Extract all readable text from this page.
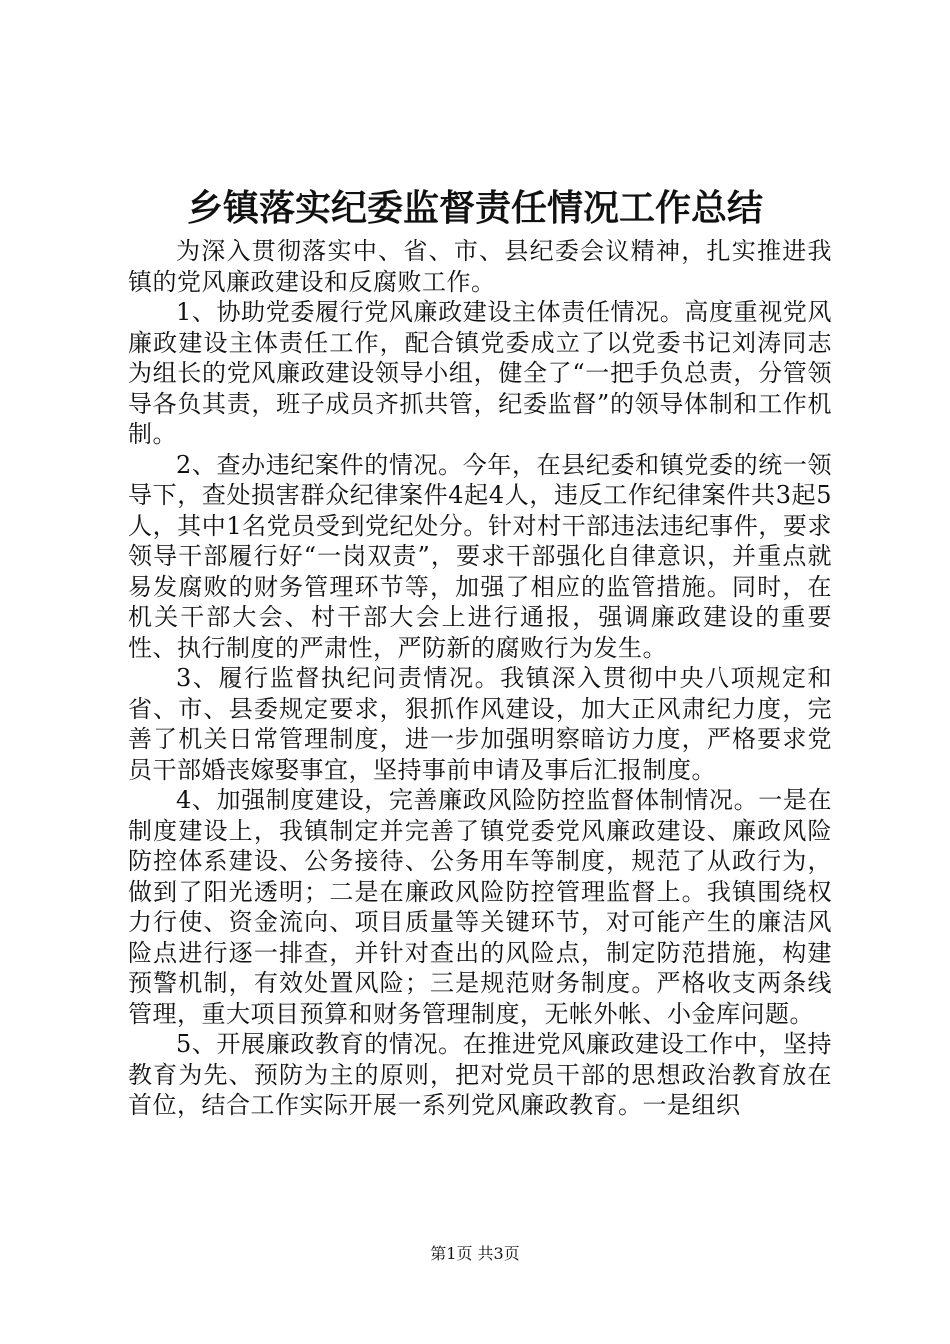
乡镇落实纪委监督责任情况工作总结

为深入贯彻落实中、省、市、县纪委会议精神，扎实推进我镇的党风廉政建设和反腐败工作。

1、协助党委履行党风廉政建设主体责任情况。高度重视党风廉政建设主体责任工作，配合镇党委成立了以党委书记刘涛同志为组长的党风廉政建设领导小组，健全了“一把手负总责，分管领导各负其责，班子成员齐抓共管，纪委监督”的领导体制和工作机制。

2、查办违纪案件的情况。今年，在县纪委和镇党委的统一领导下，查处损害群众纪律案件4起4人，违反工作纪律案件共3起5人，其中1名党员受到党纪处分。针对村干部违法违纪事件，要求领导干部履行好“一岗双责”，要求干部强化自律意识，并重点就易发腐败的财务管理环节等，加强了相应的监管措施。同时，在机关干部大会、村干部大会上进行通报，强调廉政建设的重要性、执行制度的严肃性，严防新的腐败行为发生。

3、履行监督执纪问责情况。我镇深入贯彻中央八项规定和省、市、县委规定要求，狠抓作风建设，加大正风肃纪力度，完善了机关日常管理制度，进一步加强明察暗访力度，严格要求党员干部婚丧嫁娶事宜，坚持事前申请及事后汇报制度。

4、加强制度建设，完善廉政风险防控监督体制情况。一是在制度建设上，我镇制定并完善了镇党委党风廉政建设、廉政风险防控体系建设、公务接待、公务用车等制度，规范了从政行为，做到了阳光透明；二是在廉政风险防控管理监督上。我镇围绕权力行使、资金流向、项目质量等关键环节，对可能产生的廉洁风险点进行逐一排查，并针对查出的风险点，制定防范措施，构建预警机制，有效处置风险；三是规范财务制度。严格收支两条线管理，重大项目预算和财务管理制度，无帐外帐、小金库问题。

5、开展廉政教育的情况。在推进党风廉政建设工作中，坚持教育为先、预防为主的原则，把对党员干部的思想政治教育放在首位，结合工作实际开展一系列党风廉政教育。一是组织

第1页 共3页
